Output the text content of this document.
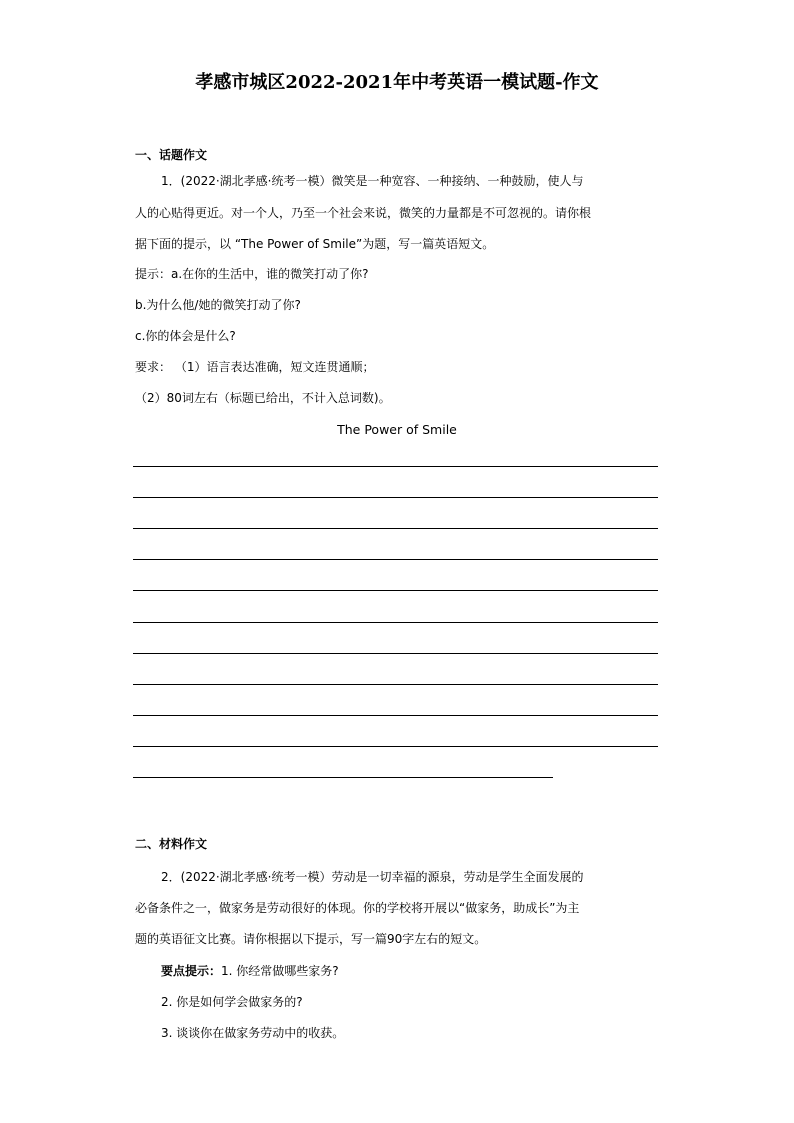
孝感市城区2022-2021年中考英语一模试题-作文
一、话题作文
1．(2022·湖北孝感·统考一模）微笑是一种宽容、一种接纳、一种鼓励，使人与
人的心贴得更近。对一个人，乃至一个社会来说，微笑的力量都是不可忽视的。请你根
据下面的提示，以 “The Power of Smile”为题，写一篇英语短文。
提示：a.在你的生活中，谁的微笑打动了你?
b.为什么他/她的微笑打动了你?
c.你的体会是什么?
要求： （1）语言表达准确，短文连贯通顺；
（2）80词左右（标题已给出，不计入总词数)。
The Power of Smile
二、材料作文
2．(2022·湖北孝感·统考一模）劳动是一切幸福的源泉，劳动是学生全面发展的
必备条件之一，做家务是劳动很好的体现。你的学校将开展以“做家务，助成长”为主
题的英语征文比赛。请你根据以下提示，写一篇90字左右的短文。
要点提示：1. 你经常做哪些家务?
2. 你是如何学会做家务的?
3. 谈谈你在做家务劳动中的收获。
